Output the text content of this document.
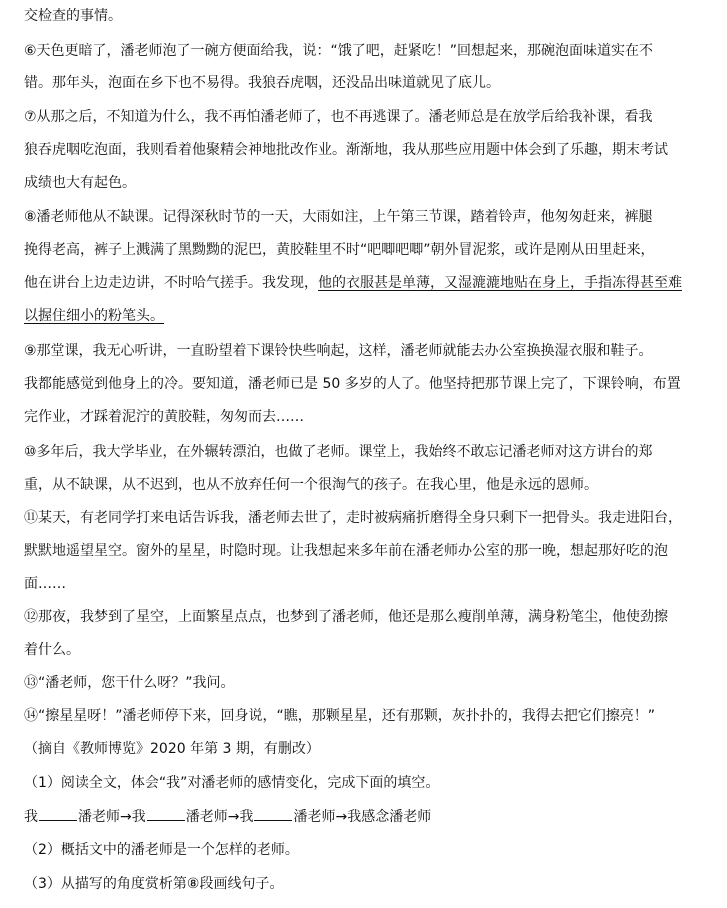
交检查的事情。
⑥天色更暗了，潘老师泡了一碗方便面给我，说：“饿了吧，赶紧吃！”回想起来，那碗泡面味道实在不
错。那年头，泡面在乡下也不易得。我狼吞虎咽，还没品出味道就见了底儿。
⑦从那之后，不知道为什么，我不再怕潘老师了，也不再逃课了。潘老师总是在放学后给我补课，看我
狼吞虎咽吃泡面，我则看着他聚精会神地批改作业。渐渐地，我从那些应用题中体会到了乐趣，期末考试
成绩也大有起色。
⑧潘老师他从不缺课。记得深秋时节的一天，大雨如注，上午第三节课，踏着铃声，他匆匆赶来，裤腿
挽得老高，裤子上溅满了黑黝黝的泥巴，黄胶鞋里不时“吧唧吧唧”朝外冒泥浆，或许是刚从田里赶来，
他在讲台上边走边讲，不时哈气搓手。我发现，他的衣服甚是单薄，又湿漉漉地贴在身上，手指冻得甚至难
以握住细小的粉笔头。
⑨那堂课，我无心听讲，一直盼望着下课铃快些响起，这样，潘老师就能去办公室换换湿衣服和鞋子。
我都能感觉到他身上的冷。要知道，潘老师已是 50 多岁的人了。他坚持把那节课上完了，下课铃响，布置
完作业，才踩着泥泞的黄胶鞋，匆匆而去……
⑩多年后，我大学毕业，在外辗转漂泊，也做了老师。课堂上，我始终不敢忘记潘老师对这方讲台的郑
重，从不缺课，从不迟到，也从不放弃任何一个很淘气的孩子。在我心里，他是永远的恩师。
⑪某天，有老同学打来电话告诉我，潘老师去世了，走时被病痛折磨得全身只剩下一把骨头。我走进阳台，
默默地遥望星空。窗外的星星，时隐时现。让我想起来多年前在潘老师办公室的那一晚，想起那好吃的泡
面……
⑫那夜，我梦到了星空，上面繁星点点，也梦到了潘老师，他还是那么瘦削单薄，满身粉笔尘，他使劲擦
着什么。
⑬“潘老师，您干什么呀？”我问。
⑭“擦星星呀！”潘老师停下来，回身说，“瞧，那颗星星，还有那颗，灰扑扑的，我得去把它们擦亮！”
（摘自《教师博览》2020 年第 3 期，有删改）
（1）阅读全文，体会“我”对潘老师的感情变化，完成下面的填空。
我	潘老师→我	潘老师→我	潘老师→我感念潘老师
（2）概括文中的潘老师是一个怎样的老师。
（3）从描写的角度赏析第⑧段画线句子。
